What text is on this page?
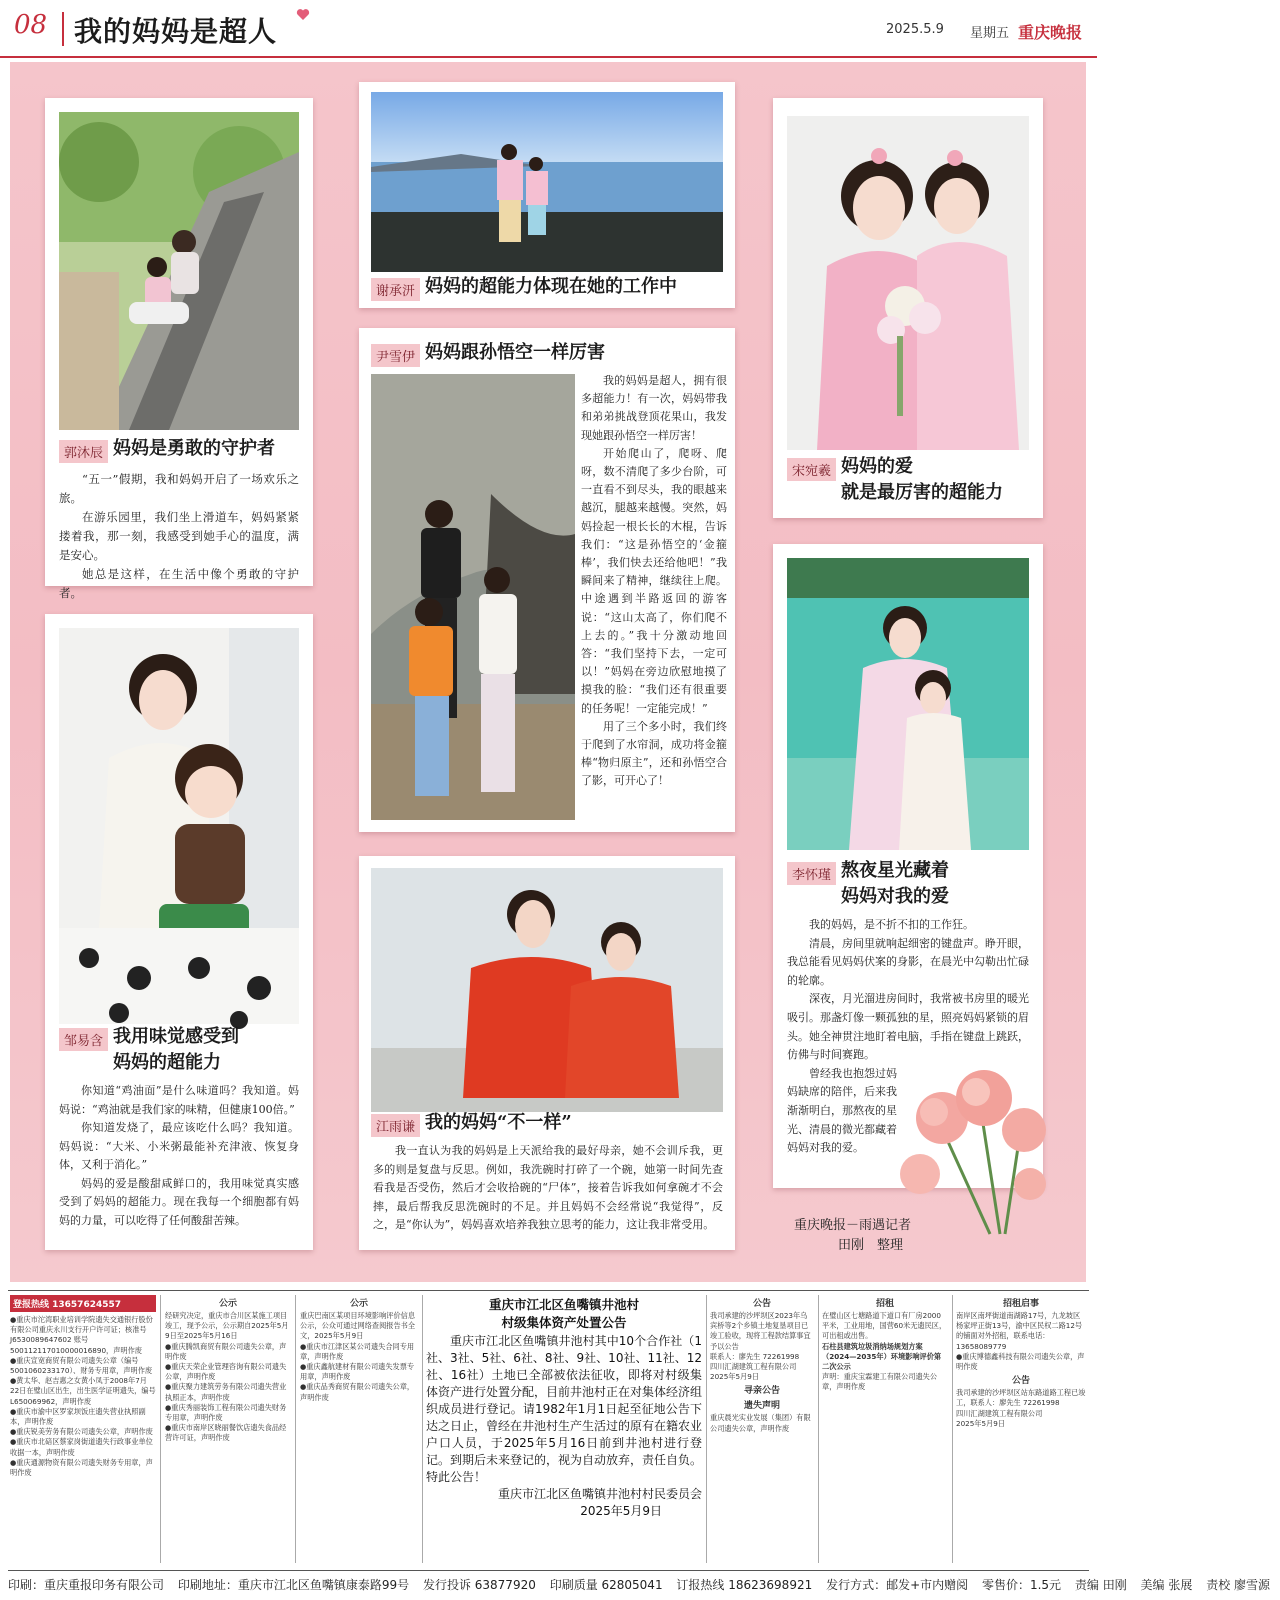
08 我的妈妈是超人	2025.5.9 星期五 重庆晚报
郭沐辰 妈妈是勇敢的守护者

“五一”假期，我和妈妈开启了一场欢乐之旅。

在游乐园里，我们坐上滑道车，妈妈紧紧搂着我，那一刻，我感受到她手心的温度，满是安心。

她总是这样，在生活中像个勇敢的守护者。

谢承汧 妈妈的超能力体现在她的工作中
宋宛羲 妈妈的爱
就是最厉害的超能力
尹雪伊 妈妈跟孙悟空一样厉害

我的妈妈是超人，拥有很多超能力！有一次，妈妈带我和弟弟挑战登顶花果山，我发现她跟孙悟空一样厉害！

开始爬山了，爬呀、爬呀，数不清爬了多少台阶，可一直看不到尽头，我的眼越来越沉，腿越来越慢。突然，妈妈捡起一根长长的木棍，告诉我们：“这是孙悟空的‘金箍棒’，我们快去还给他吧！”我瞬间来了精神，继续往上爬。中途遇到半路返回的游客说：“这山太高了，你们爬不上去的。”我十分激动地回答：“我们坚持下去，一定可以！”妈妈在旁边欣慰地摸了摸我的脸：“我们还有很重要的任务呢！一定能完成！”

用了三个多小时，我们终于爬到了水帘洞，成功将金箍棒“物归原主”，还和孙悟空合了影，可开心了！

李怀瑾 熬夜星光藏着
妈妈对我的爱

我的妈妈，是不折不扣的工作狂。

清晨，房间里就响起细密的键盘声。睁开眼，我总能看见妈妈伏案的身影，在晨光中勾勒出忙碌的轮廓。

深夜，月光溜进房间时，我常被书房里的暖光吸引。那盏灯像一颗孤独的星，照亮妈妈紧锁的眉头。她全神贯注地盯着电脑，手指在键盘上跳跃，仿佛与时间赛跑。

曾经我也抱怨过妈妈缺席的陪伴，后来我渐渐明白，那熬夜的星光、清晨的微光都藏着妈妈对我的爱。

邹易含 我用味觉感受到
妈妈的超能力

你知道“鸡油面”是什么味道吗？我知道。妈妈说：“鸡油就是我们家的味精，但健康100倍。”

你知道发烧了，最应该吃什么吗？我知道。妈妈说：“大米、小米粥最能补充津液、恢复身体，又利于消化。”

妈妈的爱是酸甜咸鲜口的，我用味觉真实感受到了妈妈的超能力。现在我每一个细胞都有妈妈的力量，可以吃得了任何酸甜苦辣。

江雨谦 我的妈妈“不一样”

我一直认为我的妈妈是上天派给我的最好母亲，她不会训斥我，更多的则是复盘与反思。例如，我洗碗时打碎了一个碗，她第一时间先查看我是否受伤，然后才会收拾碗的“尸体”，接着告诉我如何拿碗才不会摔，最后帮我反思洗碗时的不足。并且妈妈不会经常说“我觉得”，反之，是“你认为”，妈妈喜欢培养我独立思考的能力，这让我非常受用。	重庆晚报－雨遇记者
田刚　整理
登报热线 13657624557
●重庆市沱湾职业培训学院遗失交通银行股份有限公司重庆永川支行开户许可证；核准号J6530089647602 账号500112117010000016890，声明作废
●重庆宣宽商贸有限公司遗失公章（编号5001060233170）、财务专用章，声明作废
●黄太华、赵吉惠之女黄小凤于2008年7月22日在璧山区出生，出生医学证明遗失，编号L650069962，声明作废
●重庆市渝中区罗家坝饭庄遗失营业执照副本，声明作废
●重庆锐美劳务有限公司遗失公章，声明作废
●重庆市北碚区蔡家岗街道遗失行政事业单位收据一本，声明作废
●重庆通源物资有限公司遗失财务专用章，声明作废
公示
经研究决定，重庆市合川区某施工项目竣工，现予公示，公示期自2025年5月9日至2025年5月16日
●重庆腾凯商贸有限公司遗失公章，声明作废
●重庆天荣企业管理咨询有限公司遗失公章，声明作废
●重庆聚力建筑劳务有限公司遗失营业执照正本，声明作废
●重庆秀丽装饰工程有限公司遗失财务专用章，声明作废
●重庆市南岸区晓丽餐饮店遗失食品经营许可证，声明作废
公示
重庆巴南区某项目环境影响评价信息公示，公众可通过网络查阅报告书全文，2025年5月9日
●重庆市江津区某公司遗失合同专用章，声明作废
●重庆鑫航建材有限公司遗失发票专用章，声明作废
●重庆品秀商贸有限公司遗失公章，声明作废
重庆市江北区鱼嘴镇井池村
村级集体资产处置公告
重庆市江北区鱼嘴镇井池村其中10个合作社（1社、3社、5社、6社、8社、9社、10社、11社、12社、16社）土地已全部被依法征收，即将对村级集体资产进行处置分配，目前井池村正在对集体经济组织成员进行登记。请1982年1月1日起至征地公告下达之日止，曾经在井池村生产生活过的原有在籍农业户口人员，于2025年5月16日前到井池村进行登记。到期后未来登记的，视为自动放弃，责任自负。特此公告！
重庆市江北区鱼嘴镇井池村村民委员会
2025年5月9日
公告
我司承建的沙坪坝区2023年乌宾桥等2个乡镇土地复垦项目已竣工验收，现将工程款结算事宜予以公告
联系人：廖先生 72261998
四川汇湖建筑工程有限公司
2025年5月9日
寻亲公告
遗失声明
重庆晨光实业发展（集团）有限公司遗失公章，声明作废
招租
在璧山区七塘路道下道口有厂房2000平米，工业用地，国营60米无遗民区，可出租或出售。
石柱县建筑垃圾消纳场规划方案（2024—2035年）环境影响评价第二次公示
声明：重庆宝霖建工有限公司遗失公章，声明作废
招租启事
南岸区南坪街道南湖路17号，九龙坡区杨家坪正街13号，渝中区民权二路12号的铺面对外招租，联系电话：13658089779
●重庆博德鑫科技有限公司遗失公章，声明作废
公告
我司承建的沙坪坝区站东路道路工程已竣工，联系人：廖先生 72261998
四川汇湖建筑工程有限公司
2025年5月9日
印刷：重庆重报印务有限公司 印刷地址：重庆市江北区鱼嘴镇康泰路99号 发行投诉 63877920 印刷质量 62805041 订报热线 18623698921 发行方式：邮发+市内赠阅 零售价：1.5元 责编 田刚 美编 张展 责校 廖雪源
